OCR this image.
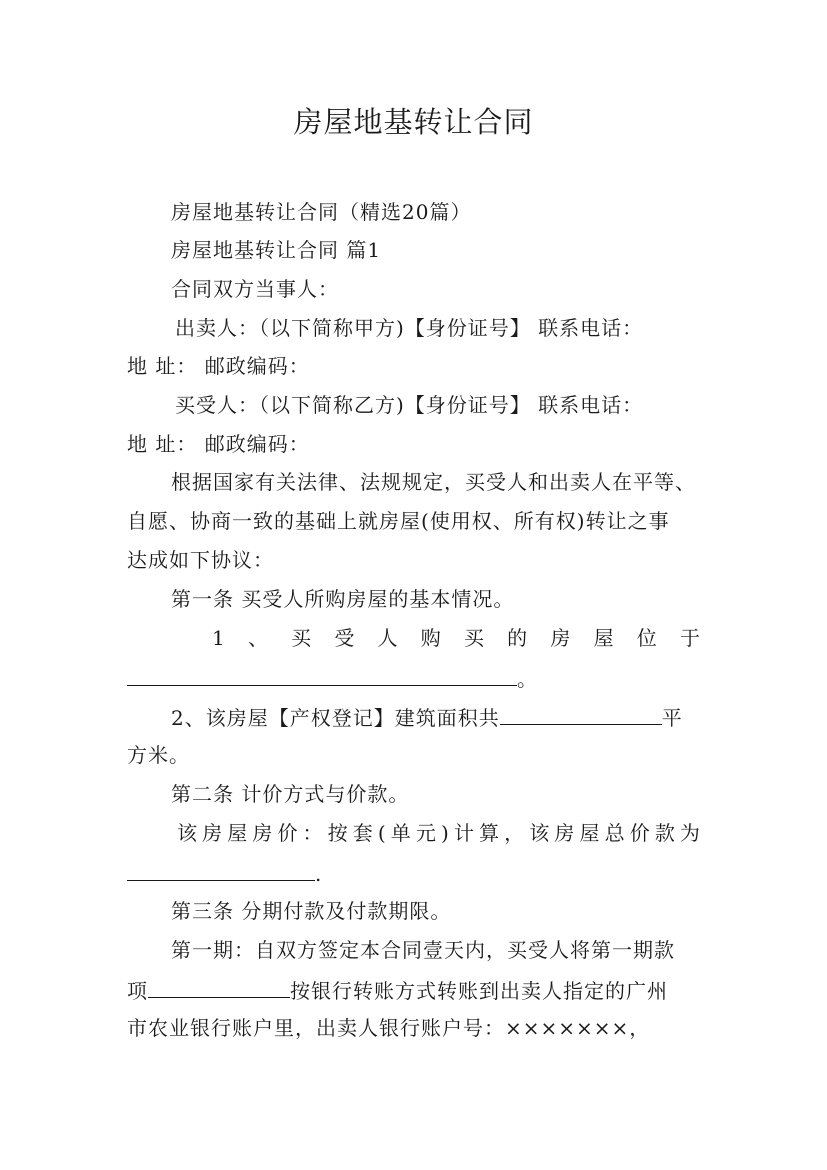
房屋地基转让合同
房屋地基转让合同（精选20篇）
房屋地基转让合同 篇1
合同双方当事人：
出卖人：（以下简称甲方)【身份证号】 联系电话：
地 址： 邮政编码：
买受人：（以下简称乙方)【身份证号】 联系电话：
地 址： 邮政编码：
根据国家有关法律、法规规定，买受人和出卖人在平等、
自愿、协商一致的基础上就房屋(使用权、所有权)转让之事
达成如下协议：
第一条 买受人所购房屋的基本情况。
1 、 买 受 人 购 买 的 房 屋 位 于
。
2、该房屋【产权登记】建筑面积共	平
方米。
第二条 计价方式与价款。
该 房 屋 房 价 ： 按 套 ( 单 元 ) 计 算 ， 该 房 屋 总 价 款 为
.
第三条 分期付款及付款期限。
第一期：自双方签定本合同壹天内，买受人将第一期款
项	按银行转账方式转账到出卖人指定的广州
市农业银行账户里，出卖人银行账户号：×××××××，
